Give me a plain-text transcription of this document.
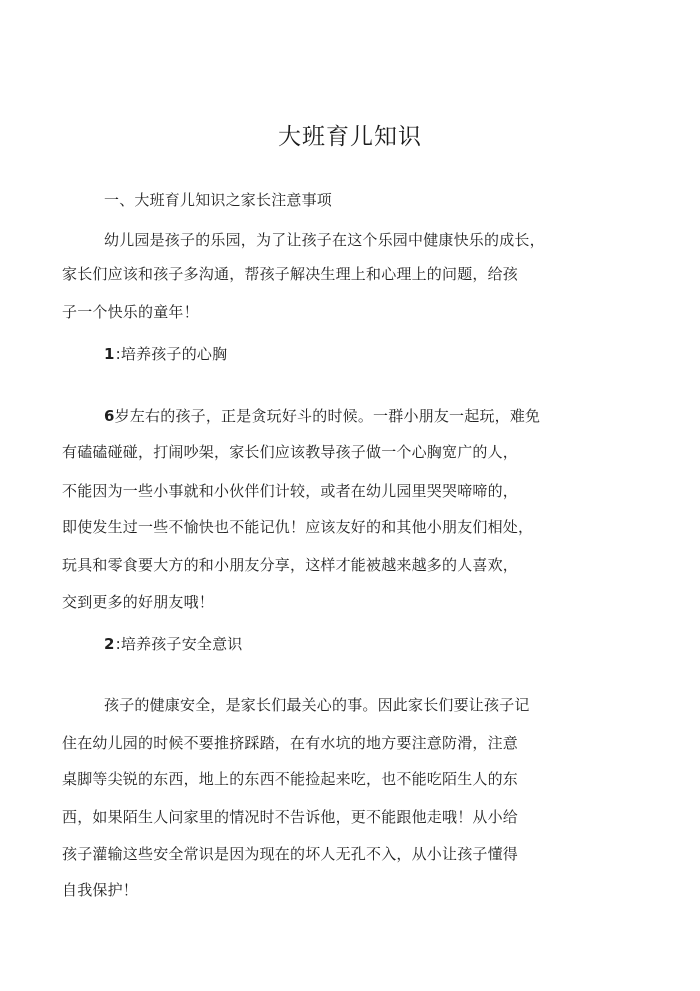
大班育儿知识
一、大班育儿知识之家长注意事项
幼儿园是孩子的乐园，为了让孩子在这个乐园中健康快乐的成长，
家长们应该和孩子多沟通，帮孩子解决生理上和心理上的问题，给孩
子一个快乐的童年！
1:培养孩子的心胸
6岁左右的孩子，正是贪玩好斗的时候。一群小朋友一起玩，难免
有磕磕碰碰，打闹吵架，家长们应该教导孩子做一个心胸宽广的人，
不能因为一些小事就和小伙伴们计较，或者在幼儿园里哭哭啼啼的，
即使发生过一些不愉快也不能记仇！应该友好的和其他小朋友们相处，
玩具和零食要大方的和小朋友分享，这样才能被越来越多的人喜欢，
交到更多的好朋友哦！
2:培养孩子安全意识
孩子的健康安全，是家长们最关心的事。因此家长们要让孩子记
住在幼儿园的时候不要推挤踩踏，在有水坑的地方要注意防滑，注意
桌脚等尖锐的东西，地上的东西不能捡起来吃，也不能吃陌生人的东
西，如果陌生人问家里的情况时不告诉他，更不能跟他走哦！从小给
孩子灌输这些安全常识是因为现在的坏人无孔不入，从小让孩子懂得
自我保护！
